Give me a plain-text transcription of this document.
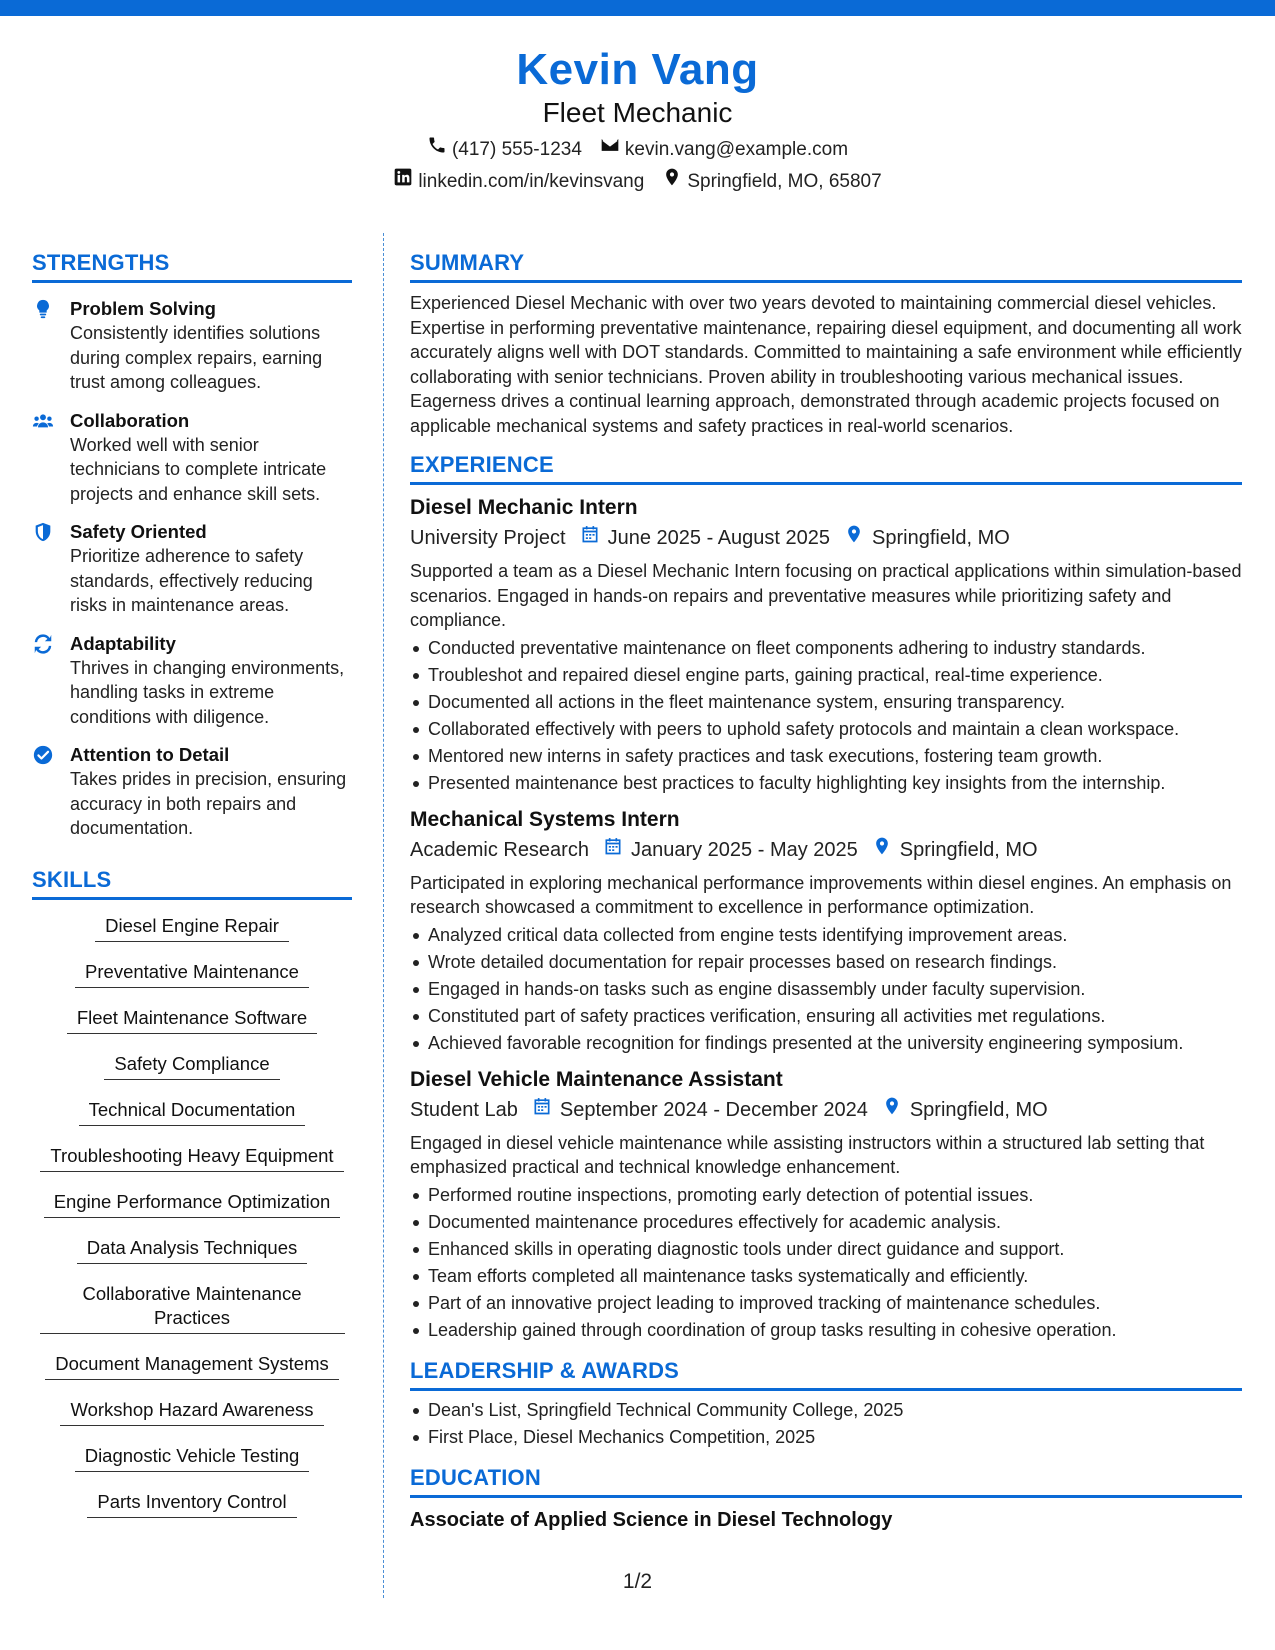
Kevin Vang
Fleet Mechanic
(417) 555-1234 kevin.vang@example.com
linkedin.com/in/kevinsvang Springfield, MO, 65807
STRENGTHS
Problem Solving
Consistently identifies solutions during complex repairs, earning trust among colleagues.
Collaboration
Worked well with senior technicians to complete intricate projects and enhance skill sets.
Safety Oriented
Prioritize adherence to safety standards, effectively reducing risks in maintenance areas.
Adaptability
Thrives in changing environments, handling tasks in extreme conditions with diligence.
Attention to Detail
Takes prides in precision, ensuring accuracy in both repairs and documentation.
SKILLS
Diesel Engine Repair
Preventative Maintenance
Fleet Maintenance Software
Safety Compliance
Technical Documentation
Troubleshooting Heavy Equipment
Engine Performance Optimization
Data Analysis Techniques
Collaborative Maintenance Practices
Document Management Systems
Workshop Hazard Awareness
Diagnostic Vehicle Testing
Parts Inventory Control
SUMMARY
Experienced Diesel Mechanic with over two years devoted to maintaining commercial diesel vehicles. Expertise in performing preventative maintenance, repairing diesel equipment, and documenting all work accurately aligns well with DOT standards. Committed to maintaining a safe environment while efficiently collaborating with senior technicians. Proven ability in troubleshooting various mechanical issues. Eagerness drives a continual learning approach, demonstrated through academic projects focused on applicable mechanical systems and safety practices in real-world scenarios.
EXPERIENCE
Diesel Mechanic Intern
University Project June 2025 - August 2025 Springfield, MO
Supported a team as a Diesel Mechanic Intern focusing on practical applications within simulation-based scenarios. Engaged in hands-on repairs and preventative measures while prioritizing safety and compliance.
Conducted preventative maintenance on fleet components adhering to industry standards.
Troubleshot and repaired diesel engine parts, gaining practical, real-time experience.
Documented all actions in the fleet maintenance system, ensuring transparency.
Collaborated effectively with peers to uphold safety protocols and maintain a clean workspace.
Mentored new interns in safety practices and task executions, fostering team growth.
Presented maintenance best practices to faculty highlighting key insights from the internship.
Mechanical Systems Intern
Academic Research January 2025 - May 2025 Springfield, MO
Participated in exploring mechanical performance improvements within diesel engines. An emphasis on research showcased a commitment to excellence in performance optimization.
Analyzed critical data collected from engine tests identifying improvement areas.
Wrote detailed documentation for repair processes based on research findings.
Engaged in hands-on tasks such as engine disassembly under faculty supervision.
Constituted part of safety practices verification, ensuring all activities met regulations.
Achieved favorable recognition for findings presented at the university engineering symposium.
Diesel Vehicle Maintenance Assistant
Student Lab September 2024 - December 2024 Springfield, MO
Engaged in diesel vehicle maintenance while assisting instructors within a structured lab setting that emphasized practical and technical knowledge enhancement.
Performed routine inspections, promoting early detection of potential issues.
Documented maintenance procedures effectively for academic analysis.
Enhanced skills in operating diagnostic tools under direct guidance and support.
Team efforts completed all maintenance tasks systematically and efficiently.
Part of an innovative project leading to improved tracking of maintenance schedules.
Leadership gained through coordination of group tasks resulting in cohesive operation.
LEADERSHIP & AWARDS
Dean's List, Springfield Technical Community College, 2025
First Place, Diesel Mechanics Competition, 2025
EDUCATION
Associate of Applied Science in Diesel Technology
1/2
